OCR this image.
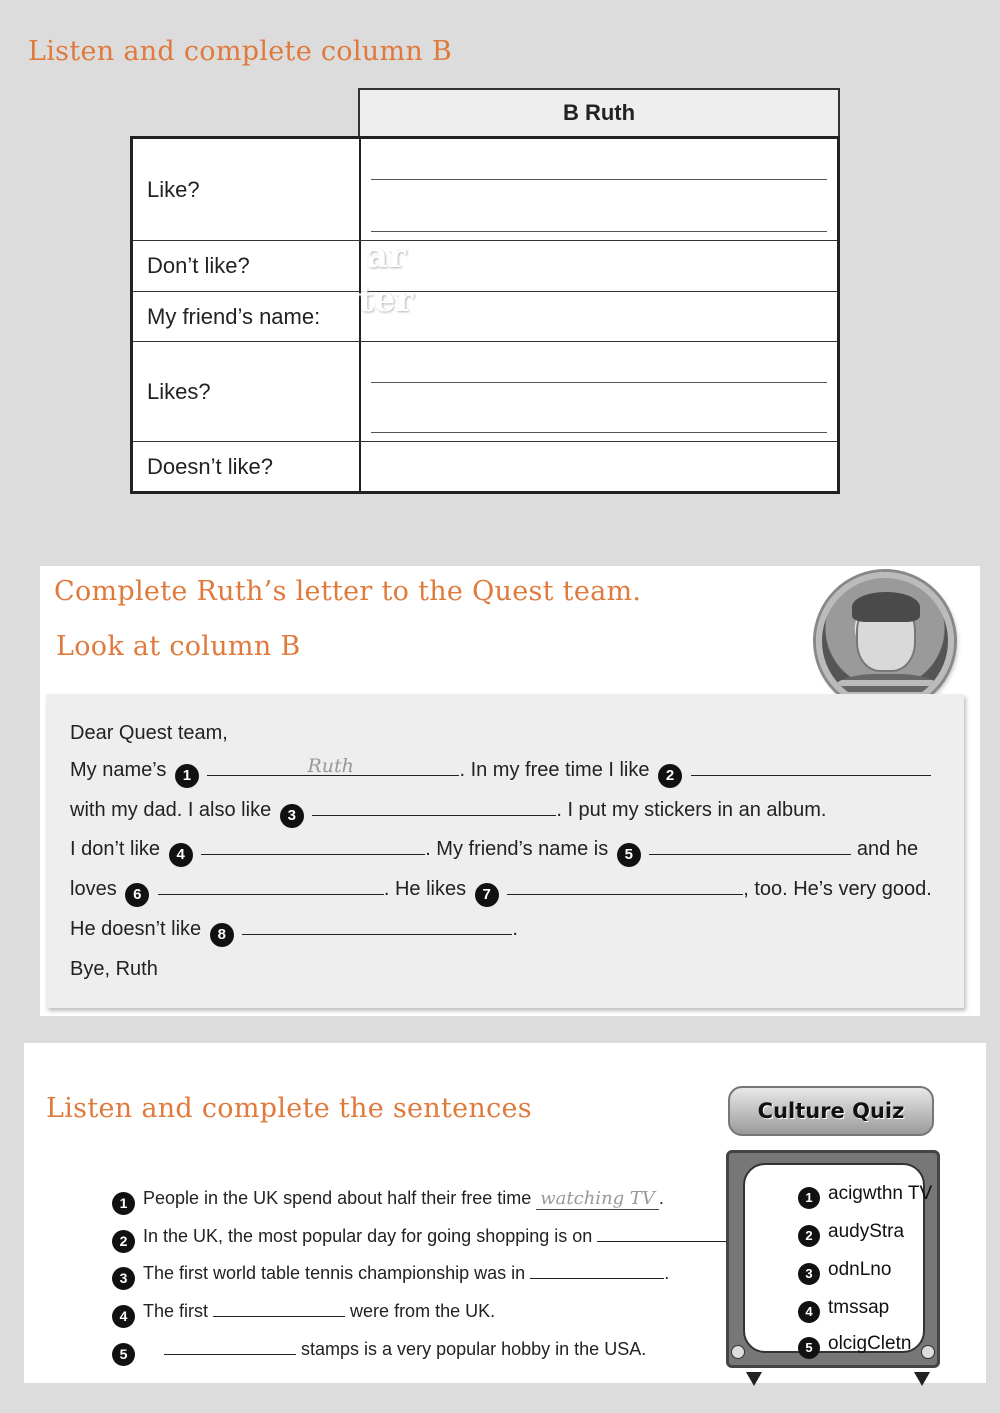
Listen and complete column B
B Ruth
Like?
Don’t like?
My friend’s name:
Likes?
Doesn’t like?
ar
ter
Complete Ruth’s letter to the Quest team.
Look at column B
Dear Quest team,
My name’s 1	Ruth	. In my free time I like 2
with my dad. I also like 3	. I put my stickers in an album.
I don’t like 4	. My friend’s name is 5	and he
loves 6	. He likes 7	, too. He’s very good.
He doesn’t like 8	.
Bye, Ruth
Listen and complete the sentences
1 People in the UK spend about half their free time watching TV .
2 In the UK, the most popular day for going shopping is on
3 The first world table tennis championship was in	.
4 The first	were from the UK.
5	stamps is a very popular hobby in the USA.
Culture Quiz
1 acigwthn TV
2 audyStra
3 odnLno
4 tmssap
5 olcigCletn
